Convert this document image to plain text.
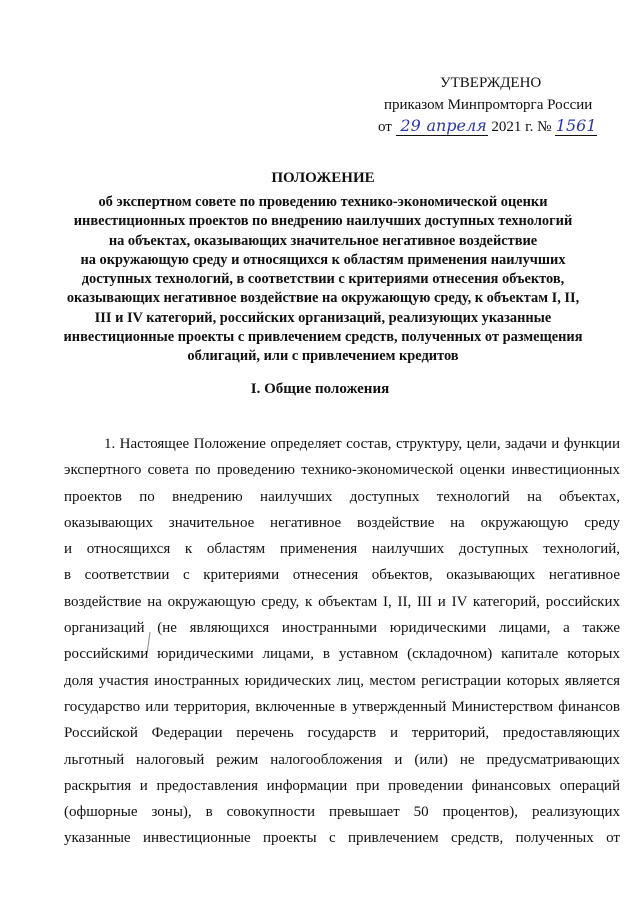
УТВЕРЖДЕНО
приказом Минпромторга России
от 29 апреля 2021 г. № 1561
ПОЛОЖЕНИЕ
об экспертном совете по проведению технико-экономической оценки
инвестиционных проектов по внедрению наилучших доступных технологий
на объектах, оказывающих значительное негативное воздействие
на окружающую среду и относящихся к областям применения наилучших
доступных технологий, в соответствии с критериями отнесения объектов,
оказывающих негативное воздействие на окружающую среду, к объектам I, II,
III и IV категорий, российских организаций, реализующих указанные
инвестиционные проекты с привлечением средств, полученных от размещения
облигаций, или с привлечением кредитов
I. Общие положения
1. Настоящее Положение определяет состав, структуру, цели, задачи и функции
экспертного совета по проведению технико-экономической оценки инвестиционных
проектов по внедрению наилучших доступных технологий на объектах,
оказывающих значительное негативное воздействие на окружающую среду
и относящихся к областям применения наилучших доступных технологий,
в соответствии с критериями отнесения объектов, оказывающих негативное
воздействие на окружающую среду, к объектам I, II, III и IV категорий, российских
организаций (не являющихся иностранными юридическими лицами, а также
российскими юридическими лицами, в уставном (складочном) капитале которых
доля участия иностранных юридических лиц, местом регистрации которых является
государство или территория, включенные в утвержденный Министерством финансов
Российской Федерации перечень государств и территорий, предоставляющих
льготный налоговый режим налогообложения и (или) не предусматривающих
раскрытия и предоставления информации при проведении финансовых операций
(офшорные зоны), в совокупности превышает 50 процентов), реализующих
указанные инвестиционные проекты с привлечением средств, полученных от
